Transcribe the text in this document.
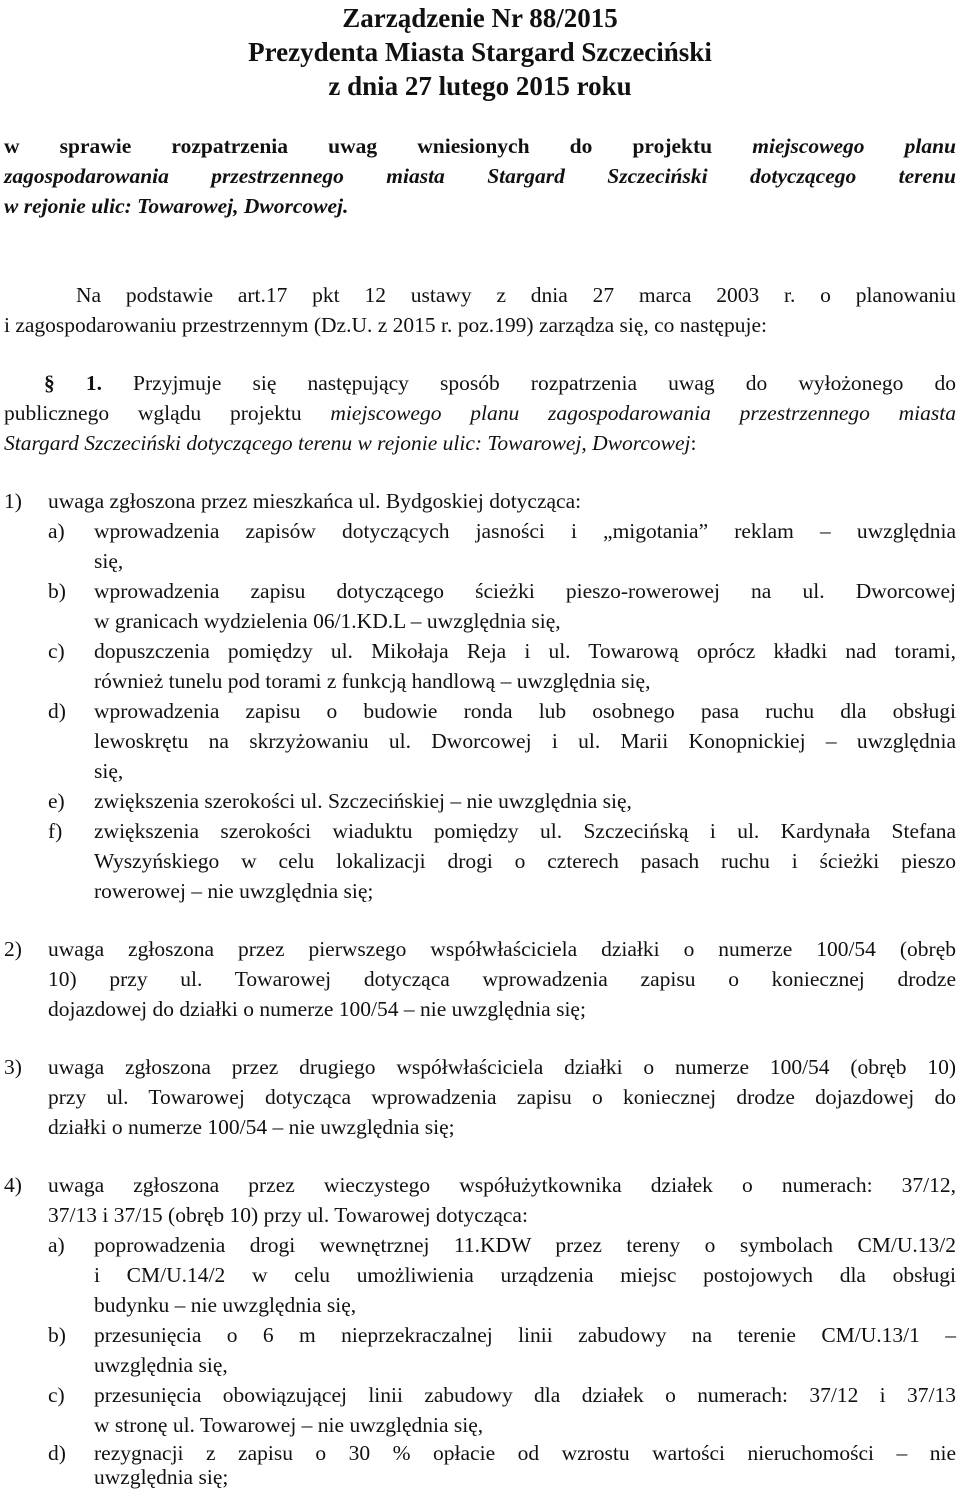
Zarządzenie Nr 88/2015
Prezydenta Miasta Stargard Szczeciński
z dnia 27 lutego 2015 roku
w sprawie rozpatrzenia uwag wniesionych do projektu miejscowego planu
zagospodarowania przestrzennego miasta Stargard Szczeciński dotyczącego terenu
w rejonie ulic: Towarowej, Dworcowej.
Na podstawie art.17 pkt 12 ustawy z dnia 27 marca 2003 r. o planowaniu
i zagospodarowaniu przestrzennym (Dz.U. z 2015 r. poz.199) zarządza się, co następuje:
§ 1. Przyjmuje się następujący sposób rozpatrzenia uwag do wyłożonego do
publicznego wglądu projektu miejscowego planu zagospodarowania przestrzennego miasta
Stargard Szczeciński dotyczącego terenu w rejonie ulic: Towarowej, Dworcowej:
1) uwaga zgłoszona przez mieszkańca ul. Bydgoskiej dotycząca:
a) wprowadzenia zapisów dotyczących jasności i „migotania” reklam – uwzględnia
się,
b) wprowadzenia zapisu dotyczącego ścieżki pieszo-rowerowej na ul. Dworcowej
w granicach wydzielenia 06/1.KD.L – uwzględnia się,
c) dopuszczenia pomiędzy ul. Mikołaja Reja i ul. Towarową oprócz kładki nad torami,
również tunelu pod torami z funkcją handlową – uwzględnia się,
d) wprowadzenia zapisu o budowie ronda lub osobnego pasa ruchu dla obsługi
lewoskrętu na skrzyżowaniu ul. Dworcowej i ul. Marii Konopnickiej – uwzględnia
się,
e) zwiększenia szerokości ul. Szczecińskiej – nie uwzględnia się,
f) zwiększenia szerokości wiaduktu pomiędzy ul. Szczecińską i ul. Kardynała Stefana
Wyszyńskiego w celu lokalizacji drogi o czterech pasach ruchu i ścieżki pieszo
rowerowej – nie uwzględnia się;
2) uwaga zgłoszona przez pierwszego współwłaściciela działki o numerze 100/54 (obręb
10) przy ul. Towarowej dotycząca wprowadzenia zapisu o koniecznej drodze
dojazdowej do działki o numerze 100/54 – nie uwzględnia się;
3) uwaga zgłoszona przez drugiego współwłaściciela działki o numerze 100/54 (obręb 10)
przy ul. Towarowej dotycząca wprowadzenia zapisu o koniecznej drodze dojazdowej do
działki o numerze 100/54 – nie uwzględnia się;
4) uwaga zgłoszona przez wieczystego współużytkownika działek o numerach: 37/12,
37/13 i 37/15 (obręb 10) przy ul. Towarowej dotycząca:
a) poprowadzenia drogi wewnętrznej 11.KDW przez tereny o symbolach CM/U.13/2
i CM/U.14/2 w celu umożliwienia urządzenia miejsc postojowych dla obsługi
budynku – nie uwzględnia się,
b) przesunięcia o 6 m nieprzekraczalnej linii zabudowy na terenie CM/U.13/1 –
uwzględnia się,
c) przesunięcia obowiązującej linii zabudowy dla działek o numerach: 37/12 i 37/13
w stronę ul. Towarowej – nie uwzględnia się,
d) rezygnacji z zapisu o 30 % opłacie od wzrostu wartości nieruchomości – nie
uwzględnia się;
